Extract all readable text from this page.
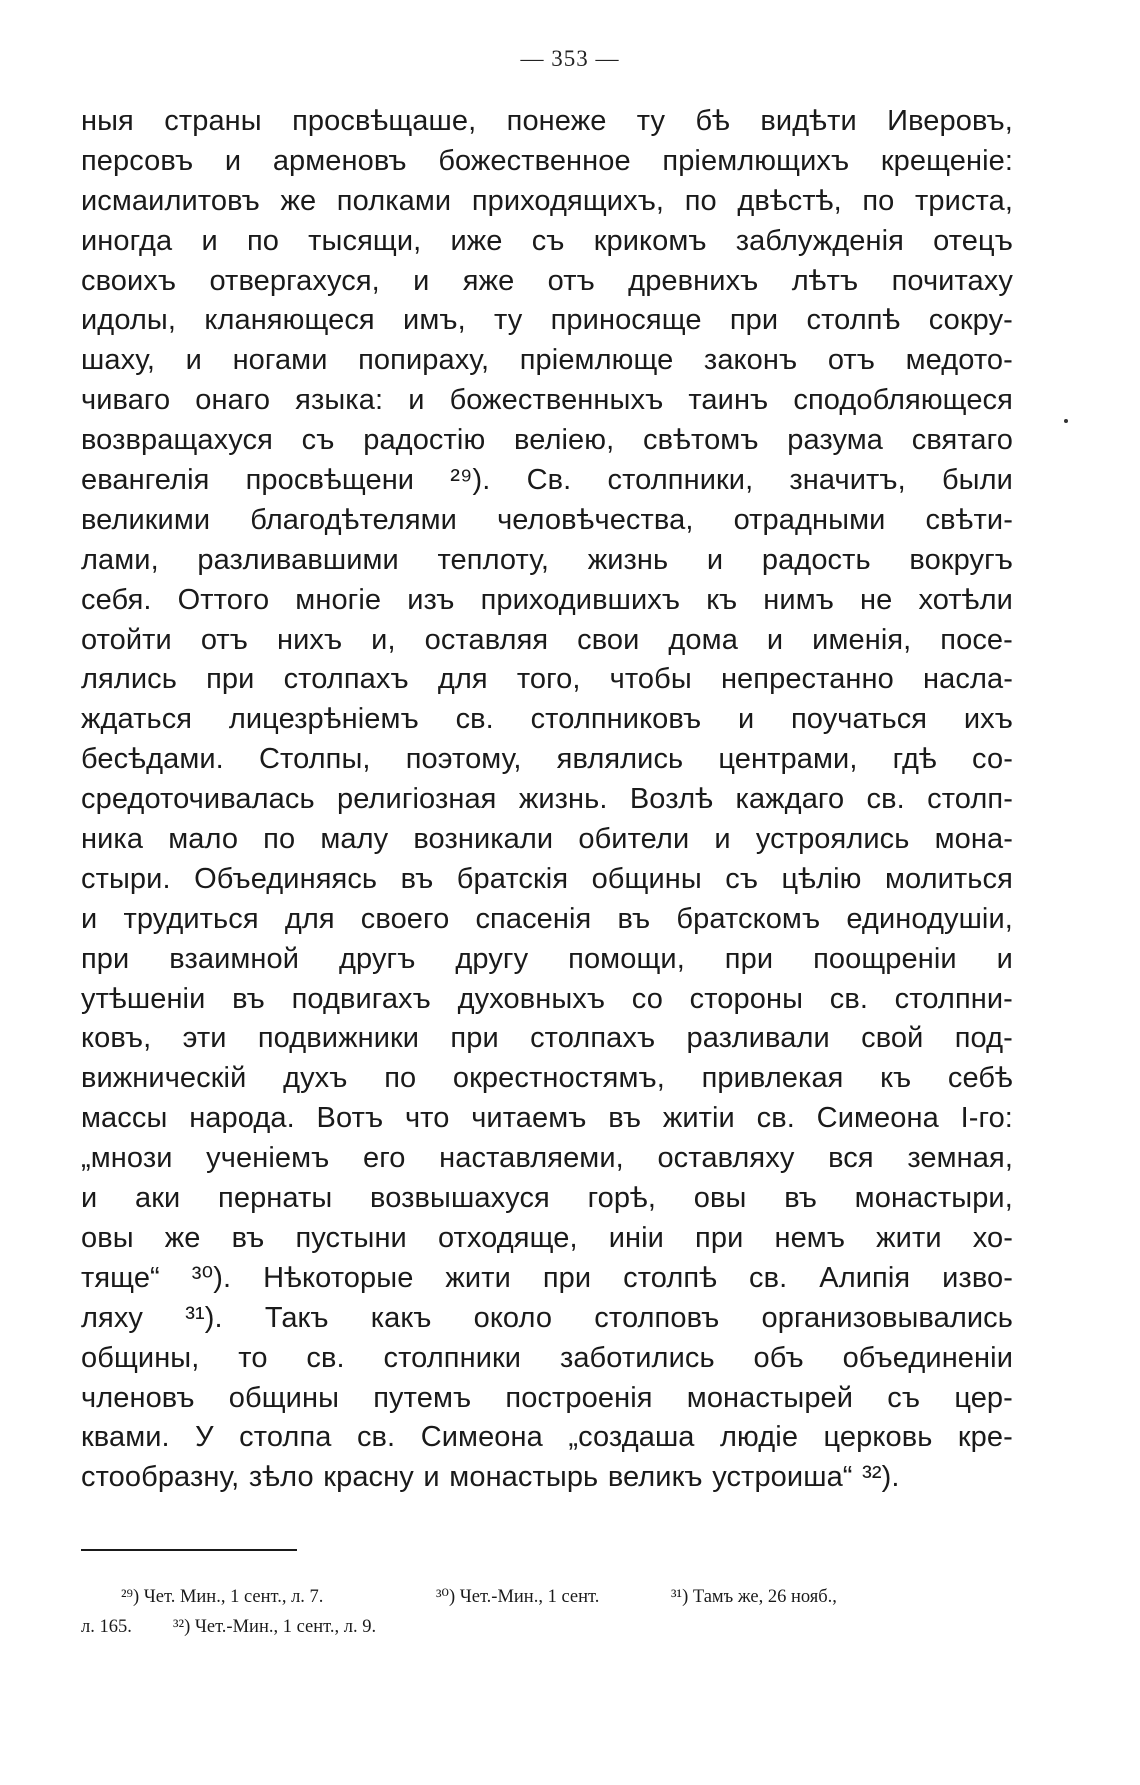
— 353 —
ныя страны просвѣщаше, понеже ту бѣ видѣти Иверовъ,
персовъ и арменовъ божественное пріемлющихъ крещеніе:
исмаилитовъ же полками приходящихъ, по двѣстѣ, по триста,
иногда и по тысящи, иже съ крикомъ заблужденія отецъ
своихъ отвергахуся, и яже отъ древнихъ лѣтъ почитаху
идолы, кланяющеся имъ, ту приносяще при столпѣ сокру-
шаху, и ногами попираху, пріемлюще законъ отъ медото-
чиваго онаго языка: и божественныхъ таинъ сподобляющеся
возвращахуся съ радостію веліею, свѣтомъ разума святаго
евангелія просвѣщени ²⁹). Св. столпники, значитъ, были
великими благодѣтелями человѣчества, отрадными свѣти-
лами, разливавшими теплоту, жизнь и радость вокругъ
себя. Оттого многіе изъ приходившихъ къ нимъ не хотѣли
отойти отъ нихъ и, оставляя свои дома и именія, посе-
лялись при столпахъ для того, чтобы непрестанно насла-
ждаться лицезрѣніемъ св. столпниковъ и поучаться ихъ
бесѣдами. Столпы, поэтому, являлись центрами, гдѣ со-
средоточивалась религіозная жизнь. Возлѣ каждаго св. столп-
ника мало по малу возникали обители и устроялись мона-
стыри. Объединяясь въ братскія общины съ цѣлію молиться
и трудиться для своего спасенія въ братскомъ единодушіи,
при взаимной другъ другу помощи, при поощреніи и
утѣшеніи въ подвигахъ духовныхъ со стороны св. столпни-
ковъ, эти подвижники при столпахъ разливали свой под-
вижническій духъ по окрестностямъ, привлекая къ себѣ
массы народа. Вотъ что читаемъ въ житіи св. Симеона І-го:
„мнози ученіемъ его наставляеми, оставляху вся земная,
и аки пернаты возвышахуся горѣ, овы въ монастыри,
овы же въ пустыни отходяще, иніи при немъ жити хо-
тяще“ ³⁰). Нѣкоторые жити при столпѣ св. Алипія изво-
ляху ³¹). Такъ какъ около столповъ организовывались
общины, то св. столпники заботились объ объединеніи
членовъ общины путемъ построенія монастырей съ цер-
квами. У столпа св. Симеона „создаша людіе церковь кре-
стообразну, зѣло красну и монастырь великъ устроиша“ ³²).
²⁹) Чет. Мин., 1 сент., л. 7.	³⁰) Чет.-Мин., 1 сент.	³¹) Тамъ же, 26 нояб.,
л. 165. ³²) Чет.-Мин., 1 сент., л. 9.
